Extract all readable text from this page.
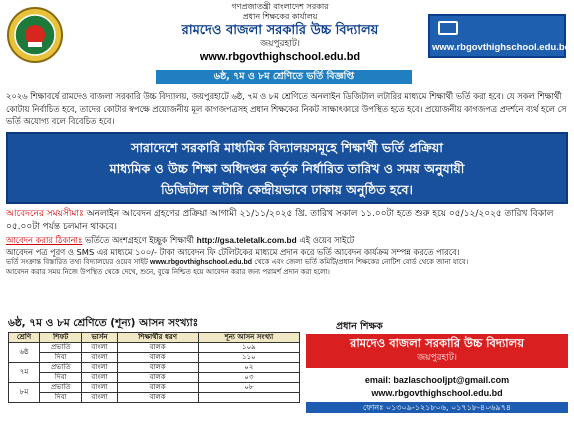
গণপ্রজাতন্ত্রী বাংলাদেশ সরকার
প্রধান শিক্ষকের কার্যালয়
রামদেও বাজলা সরকারি উচ্চ বিদ্যালয়
জয়পুরহাট।
www.rbgovthighschool.edu.bd
www.rbgovthighschool.edu.bd
৬ষ্ঠ, ৭ম ও ৮ম শ্রেণিতে ভর্তি বিজ্ঞপ্তি
২০২৬ শিক্ষাবর্ষে রামদেও বাজলা সরকারি উচ্চ বিদ্যালয়, জয়পুরহাটে ৬ষ্ঠ, ৭ম ও ৮ম শ্রেণিতে অনলাইন ডিজিটাল লটারির মাধ্যমে শিক্ষার্থী ভর্তি করা হবে। যে সকল শিক্ষার্থী কোটায় নির্বাচিত হবে, তাদের কোটার স্বপক্ষে প্রয়োজনীয় মূল কাগজপত্রসহ প্রধান শিক্ষকের নিকট সাক্ষাৎকারে উপস্থিত হতে হবে। প্রয়োজনীয় কাগজপত্র প্রদর্শনে ব্যর্থ হলে সে ভর্তি অযোগ্য বলে বিবেচিত হবে।
সারাদেশে সরকারি মাধ্যমিক বিদ্যালয়সমূহে শিক্ষার্থী ভর্তি প্রক্রিয়া
মাধ্যমিক ও উচ্চ শিক্ষা অধিদপ্তর কর্তৃক নির্ধারিত তারিখ ও সময় অনুযায়ী
ডিজিটাল লটারি কেন্দ্রীয়ভাবে ঢাকায় অনুষ্ঠিত হবে।
আবেদনের সময়সীমাঃ অনলাইন আবেদন গ্রহণের প্রক্রিয়া আগামী ২১/১১/২০২৫ খ্রি. তারিখ সকাল ১১.০০টা হতে শুরু হয়ে ০৫/১২/২০২৫ তারিখ বিকাল ০৫.০০টা পর্যন্ত চলমান থাকবে।
আবেদন করার ঠিকানাঃ ভর্তিতে অংশগ্রহণে ইচ্ছুক শিক্ষার্থী http://gsa.teletalk.com.bd এই ওয়েব সাইটে
আবেদন পত্র পূরণ ও SMS এর মাধ্যমে ১০০/- টাকা আবেদন ফি টেলিটকের মাধ্যমে প্রদান করে ভর্তি আবেদন কার্যক্রম সম্পন্ন করতে পারবে।
ভর্তি সংক্রান্ত বিস্তারিত তথ্য বিদ্যালয়ের ওয়েব সাইট www.rbgovthighschool.edu.bd থেকে এবং জেলা ভর্তি কমিটি/প্রধান শিক্ষকের নোটিশ বোর্ড থেকে জানা যাবে।
আবেদন করার সময় নিজে উপস্থিত থেকে দেখে, শুনে, বুঝে নিশ্চিত হয়ে আবেদন করার জন্য পরামর্শ প্রদান করা হলো।
৬ষ্ঠ, ৭ম ও ৮ম শ্রেণিতে (শূন্য) আসন সংখ্যাঃ
শ্রেণি	শিফট	ভার্সন	শিক্ষার্থীর ধরণ	শূন্য আসন সংখ্যা
৬ষ্ঠ	প্রভাতি	বাংলা	বালক	১০৯
	দিবা	বাংলা	বালক	১১০
৭ম	প্রভাতি	বাংলা	বালক	০২
	দিবা	বাংলা	বালক	০৩
৮ম	প্রভাতি	বাংলা	বালক	০৮
	দিবা	বাংলা	বালক	
প্রধান শিক্ষক
রামদেও বাজলা সরকারি উচ্চ বিদ্যালয়
জয়পুরহাট।
email: bazlaschooljpt@gmail.com
www.rbgovthighschool.edu.bd
ফোনঃ ০১৩০৯-১২১৮০৬, ০১৭১৮-৪০৬৯৭৪
